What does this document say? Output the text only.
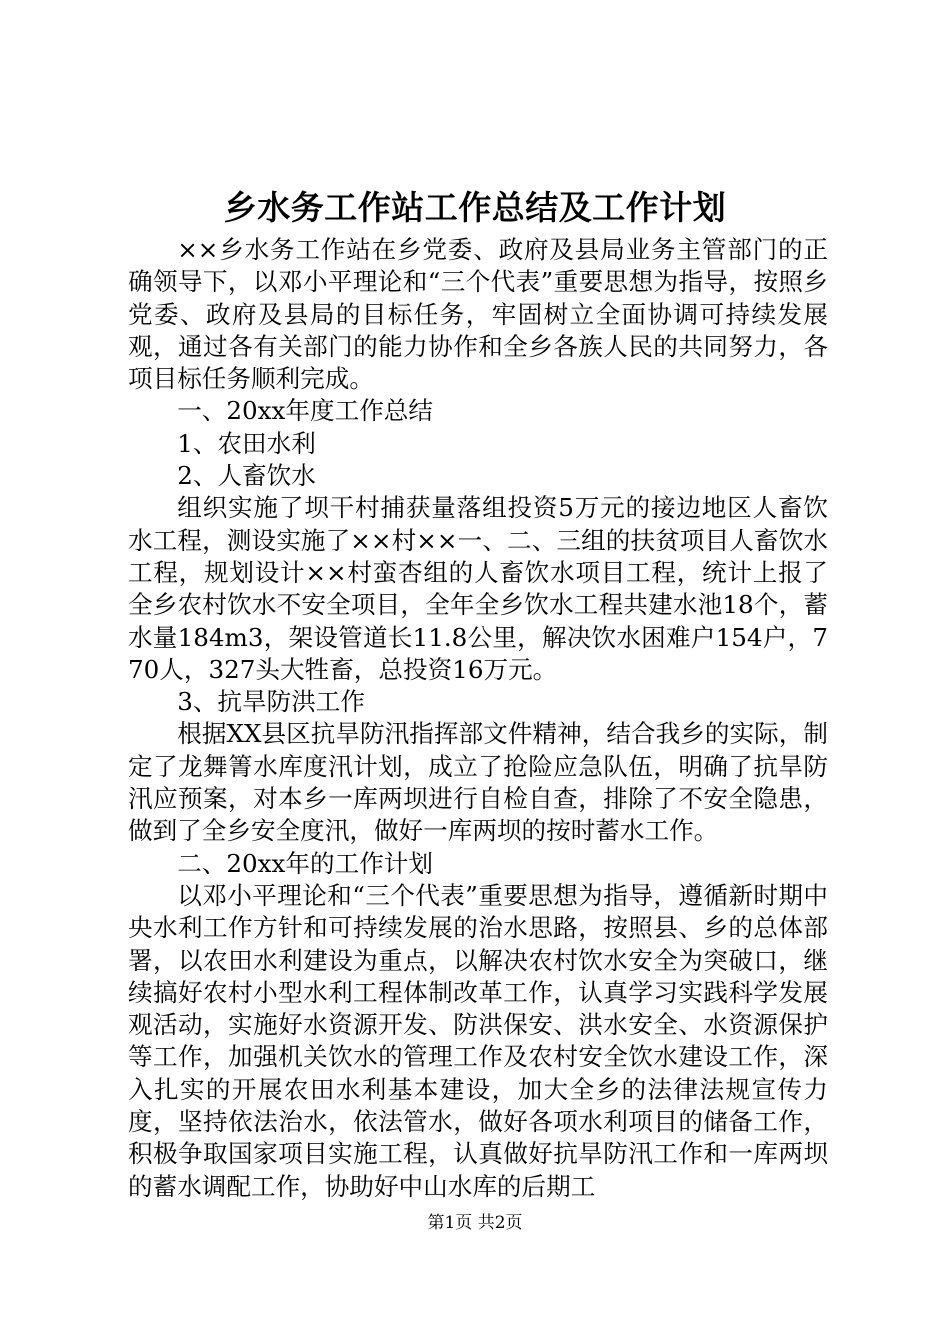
乡水务工作站工作总结及工作计划

××乡水务工作站在乡党委、政府及县局业务主管部门的正确领导下，以邓小平理论和“三个代表”重要思想为指导，按照乡党委、政府及县局的目标任务，牢固树立全面协调可持续发展观，通过各有关部门的能力协作和全乡各族人民的共同努力，各项目标任务顺利完成。

一、20xx年度工作总结

1、农田水利

2、人畜饮水

组织实施了坝干村捕获量落组投资5万元的接边地区人畜饮水工程，测设实施了××村××一、二、三组的扶贫项目人畜饮水工程，规划设计××村蛮杏组的人畜饮水项目工程，统计上报了全乡农村饮水不安全项目，全年全乡饮水工程共建水池18个，蓄水量184m3，架设管道长11.8公里，解决饮水困难户154户，770人，327头大牲畜，总投资16万元。

3、抗旱防洪工作

根据XX县区抗旱防汛指挥部文件精神，结合我乡的实际，制定了龙舞箐水库度汛计划，成立了抢险应急队伍，明确了抗旱防汛应预案，对本乡一库两坝进行自检自查，排除了不安全隐患，做到了全乡安全度汛，做好一库两坝的按时蓄水工作。

二、20xx年的工作计划

以邓小平理论和“三个代表”重要思想为指导，遵循新时期中央水利工作方针和可持续发展的治水思路，按照县、乡的总体部署，以农田水利建设为重点，以解决农村饮水安全为突破口，继续搞好农村小型水利工程体制改革工作，认真学习实践科学发展观活动，实施好水资源开发、防洪保安、洪水安全、水资源保护等工作，加强机关饮水的管理工作及农村安全饮水建设工作，深入扎实的开展农田水利基本建设，加大全乡的法律法规宣传力度，坚持依法治水，依法管水，做好各项水利项目的储备工作，积极争取国家项目实施工程，认真做好抗旱防汛工作和一库两坝的蓄水调配工作，协助好中山水库的后期工

第1页 共2页
